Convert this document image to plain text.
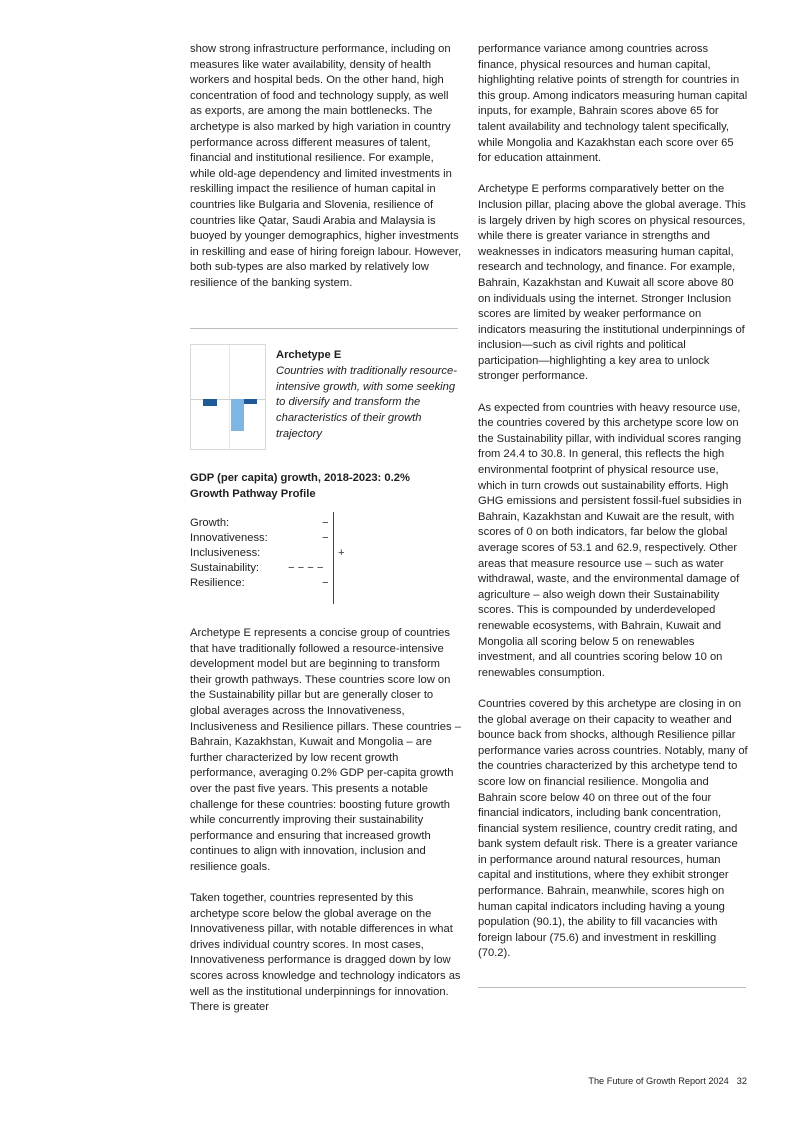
show strong infrastructure performance, including on measures like water availability, density of health workers and hospital beds. On the other hand, high concentration of food and technology supply, as well as exports, are among the main bottlenecks. The archetype is also marked by high variation in country performance across different measures of talent, financial and institutional resilience. For example, while old-age dependency and limited investments in reskilling impact the resilience of human capital in countries like Bulgaria and Slovenia, resilience of countries like Qatar, Saudi Arabia and Malaysia is buoyed by younger demographics, higher investments in reskilling and ease of hiring foreign labour. However, both sub-types are also marked by relatively low resilience of the banking system.

Archetype E

Countries with traditionally resource-intensive growth, with some seeking to diversify and transform the characteristics of their growth trajectory

GDP (per capita) growth, 2018-2023: 0.2%
Growth Pathway Profile
Growth:
Innovativeness:
Inclusiveness:
Sustainability:
Resilience:
−
−
+
− − − −
−

Archetype E represents a concise group of countries that have traditionally followed a resource-intensive development model but are beginning to transform their growth pathways. These countries score low on the Sustainability pillar but are generally closer to global averages across the Innovativeness, Inclusiveness and Resilience pillars. These countries – Bahrain, Kazakhstan, Kuwait and Mongolia – are further characterized by low recent growth performance, averaging 0.2% GDP per-capita growth over the past five years. This presents a notable challenge for these countries: boosting future growth while concurrently improving their sustainability performance and ensuring that increased growth continues to align with innovation, inclusion and resilience goals.

Taken together, countries represented by this archetype score below the global average on the Innovativeness pillar, with notable differences in what drives individual country scores. In most cases, Innovativeness performance is dragged down by low scores across knowledge and technology indicators as well as the institutional underpinnings for innovation. There is greater

performance variance among countries across finance, physical resources and human capital, highlighting relative points of strength for countries in this group. Among indicators measuring human capital inputs, for example, Bahrain scores above 65 for talent availability and technology talent specifically, while Mongolia and Kazakhstan each score over 65 for education attainment.

Archetype E performs comparatively better on the Inclusion pillar, placing above the global average. This is largely driven by high scores on physical resources, while there is greater variance in strengths and weaknesses in indicators measuring human capital, research and technology, and finance. For example, Bahrain, Kazakhstan and Kuwait all score above 80 on individuals using the internet. Stronger Inclusion scores are limited by weaker performance on indicators measuring the institutional underpinnings of inclusion—such as civil rights and political participation—highlighting a key area to unlock stronger performance.

As expected from countries with heavy resource use, the countries covered by this archetype score low on the Sustainability pillar, with individual scores ranging from 24.4 to 30.8. In general, this reflects the high environmental footprint of physical resource use, which in turn crowds out sustainability efforts. High GHG emissions and persistent fossil-fuel subsidies in Bahrain, Kazakhstan and Kuwait are the result, with scores of 0 on both indicators, far below the global average scores of 53.1 and 62.9, respectively. Other areas that measure resource use – such as water withdrawal, waste, and the environmental damage of agriculture – also weigh down their Sustainability scores. This is compounded by underdeveloped renewable ecosystems, with Bahrain, Kuwait and Mongolia all scoring below 5 on renewables investment, and all countries scoring below 10 on renewables consumption.

Countries covered by this archetype are closing in on the global average on their capacity to weather and bounce back from shocks, although Resilience pillar performance varies across countries. Notably, many of the countries characterized by this archetype tend to score low on financial resilience. Mongolia and Bahrain score below 40 on three out of the four financial indicators, including bank concentration, financial system resilience, country credit rating, and bank system default risk. There is a greater variance in performance around natural resources, human capital and institutions, where they exhibit stronger performance. Bahrain, meanwhile, scores high on human capital indicators including having a young population (90.1), the ability to fill vacancies with foreign labour (75.6) and investment in reskilling (70.2).

The Future of Growth Report 2024 32
